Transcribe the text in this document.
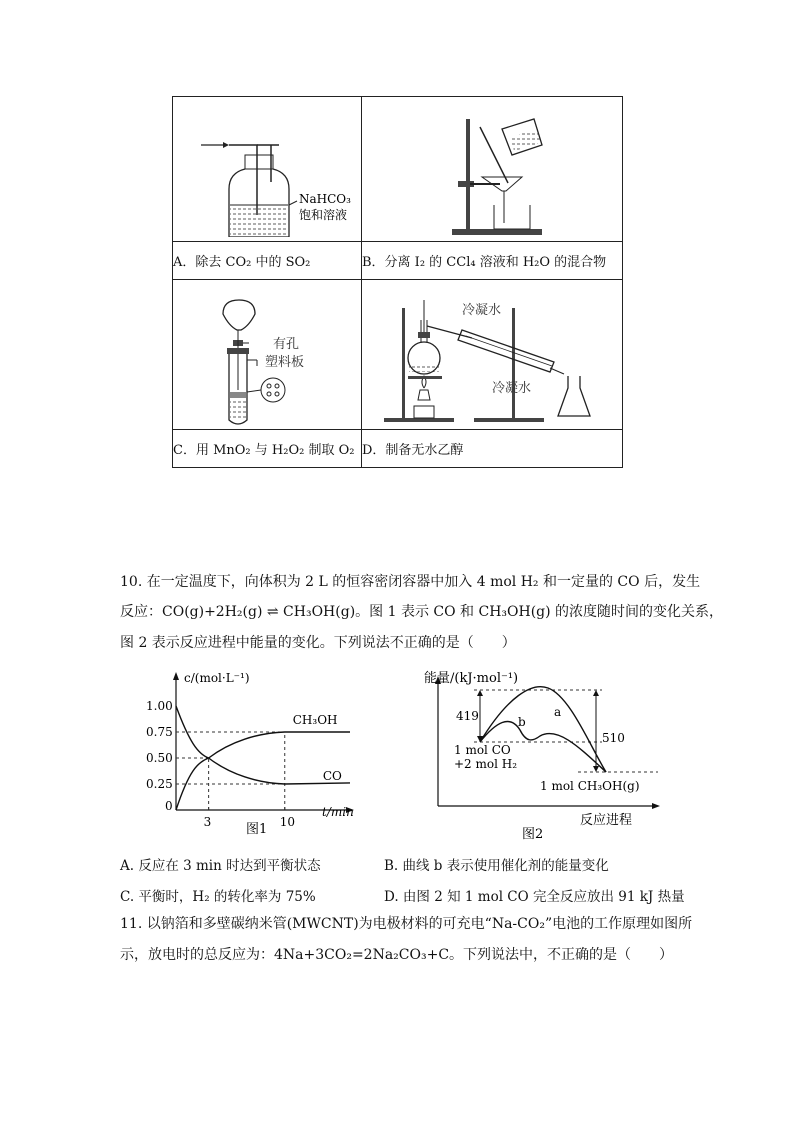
NaHCO₃
饱和溶液

A．除去 CO₂ 中的 SO₂	B．分离 I₂ 的 CCl₄ 溶液和 H₂O 的混合物

有孔
塑料板	冷凝水
冷凝水

C．用 MnO₂ 与 H₂O₂ 制取 O₂	D．制备无水乙醇
10. 在一定温度下，向体积为 2 L 的恒容密闭容器中加入 4 mol H₂ 和一定量的 CO 后，发生
反应：CO(g)+2H₂(g) ⇌ CH₃OH(g)。图 1 表示 CO 和 CH₃OH(g) 的浓度随时间的变化关系，
图 2 表示反应进程中能量的变化。下列说法不正确的是（　　）
c/(mol·L⁻¹)
t/min
0
1.00
0.75
0.50
0.25
3	10
CH₃OH
CO
图1
能量/(kJ·mol⁻¹)
反应进程
a
b
419
510
1 mol CO
+2 mol H₂
1 mol CH₃OH(g)
图2
A. 反应在 3 min 时达到平衡状态	B. 曲线 b 表示使用催化剂的能量变化
C. 平衡时，H₂ 的转化率为 75%	D. 由图 2 知 1 mol CO 完全反应放出 91 kJ 热量
11. 以钠箔和多壁碳纳米管(MWCNT)为电极材料的可充电“Na-CO₂”电池的工作原理如图所
示，放电时的总反应为：4Na+3CO₂=2Na₂CO₃+C。下列说法中，不正确的是（　　）
